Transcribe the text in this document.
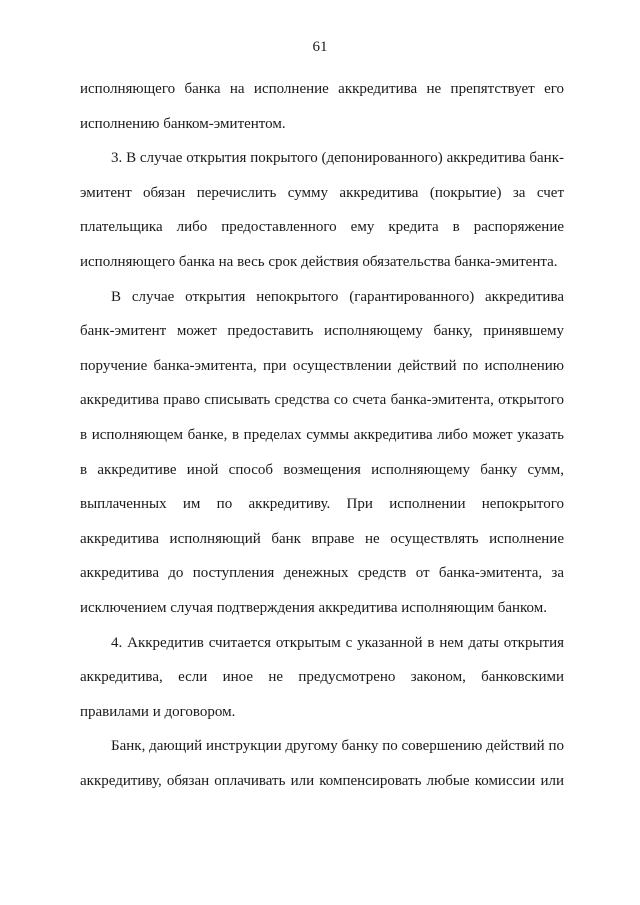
61

исполняющего банка на исполнение аккредитива не препятствует его

исполнению банком-эмитентом.

3. В случае открытия покрытого (депонированного) аккредитива банк-

эмитент обязан перечислить сумму аккредитива (покрытие) за счет

плательщика либо предоставленного ему кредита в распоряжение

исполняющего банка на весь срок действия обязательства банка-эмитента.

В случае открытия непокрытого (гарантированного) аккредитива

банк-эмитент может предоставить исполняющему банку, принявшему

поручение банка-эмитента, при осуществлении действий по исполнению

аккредитива право списывать средства со счета банка-эмитента, открытого

в исполняющем банке, в пределах суммы аккредитива либо может указать

в аккредитиве иной способ возмещения исполняющему банку сумм,

выплаченных им по аккредитиву. При исполнении непокрытого

аккредитива исполняющий банк вправе не осуществлять исполнение

аккредитива до поступления денежных средств от банка-эмитента, за

исключением случая подтверждения аккредитива исполняющим банком.

4. Аккредитив считается открытым с указанной в нем даты открытия

аккредитива, если иное не предусмотрено законом, банковскими

правилами и договором.

Банк, дающий инструкции другому банку по совершению действий по

аккредитиву, обязан оплачивать или компенсировать любые комиссии или
